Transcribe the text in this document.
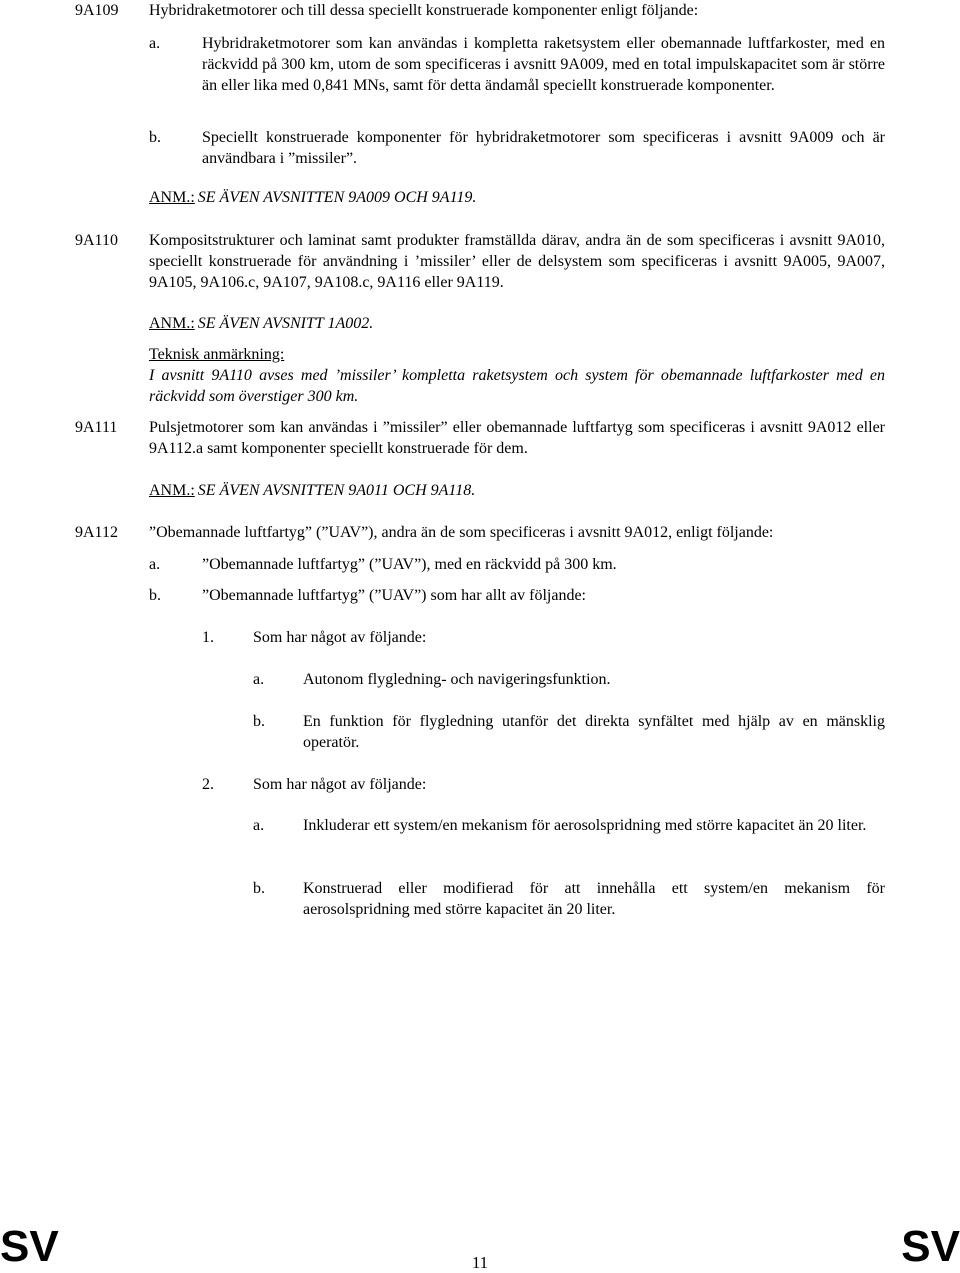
9A109 Hybridraketmotorer och till dessa speciellt konstruerade komponenter enligt följande:
a.	Hybridraketmotorer som kan användas i kompletta raketsystem eller obemannade luftfarkoster, med en räckvidd på 300 km, utom de som specificeras i avsnitt 9A009, med en total impulskapacitet som är större än eller lika med 0,841 MNs, samt för detta ändamål speciellt konstruerade komponenter.
b.	Speciellt konstruerade komponenter för hybridraketmotorer som specificeras i avsnitt 9A009 och är användbara i ”missiler”.
ANM.: SE ÄVEN AVSNITTEN 9A009 OCH 9A119.
9A110 Kompositstrukturer och laminat samt produkter framställda därav, andra än de som specificeras i avsnitt 9A010, speciellt konstruerade för användning i ’missiler’ eller de delsystem som specificeras i avsnitt 9A005, 9A007, 9A105, 9A106.c, 9A107, 9A108.c, 9A116 eller 9A119.
ANM.: SE ÄVEN AVSNITT 1A002.
Teknisk anmärkning:
I avsnitt 9A110 avses med ’missiler’ kompletta raketsystem och system för obemannade luftfarkoster med en räckvidd som överstiger 300 km.
9A111 Pulsjetmotorer som kan användas i ”missiler” eller obemannade luftfartyg som specificeras i avsnitt 9A012 eller 9A112.a samt komponenter speciellt konstruerade för dem.
ANM.: SE ÄVEN AVSNITTEN 9A011 OCH 9A118.
9A112 ”Obemannade luftfartyg” (”UAV”), andra än de som specificeras i avsnitt 9A012, enligt följande:
a.	”Obemannade luftfartyg” (”UAV”), med en räckvidd på 300 km.
b.	”Obemannade luftfartyg” (”UAV”) som har allt av följande:
1. Som har något av följande:
a. Autonom flygledning- och navigeringsfunktion.
b. En funktion för flygledning utanför det direkta synfältet med hjälp av en mänsklig operatör.
2. Som har något av följande:
a. Inkluderar ett system/en mekanism för aerosolspridning med större kapacitet än 20 liter.
b. Konstruerad eller modifierad för att innehålla ett system/en mekanism för aerosolspridning med större kapacitet än 20 liter.
SV	11	SV
